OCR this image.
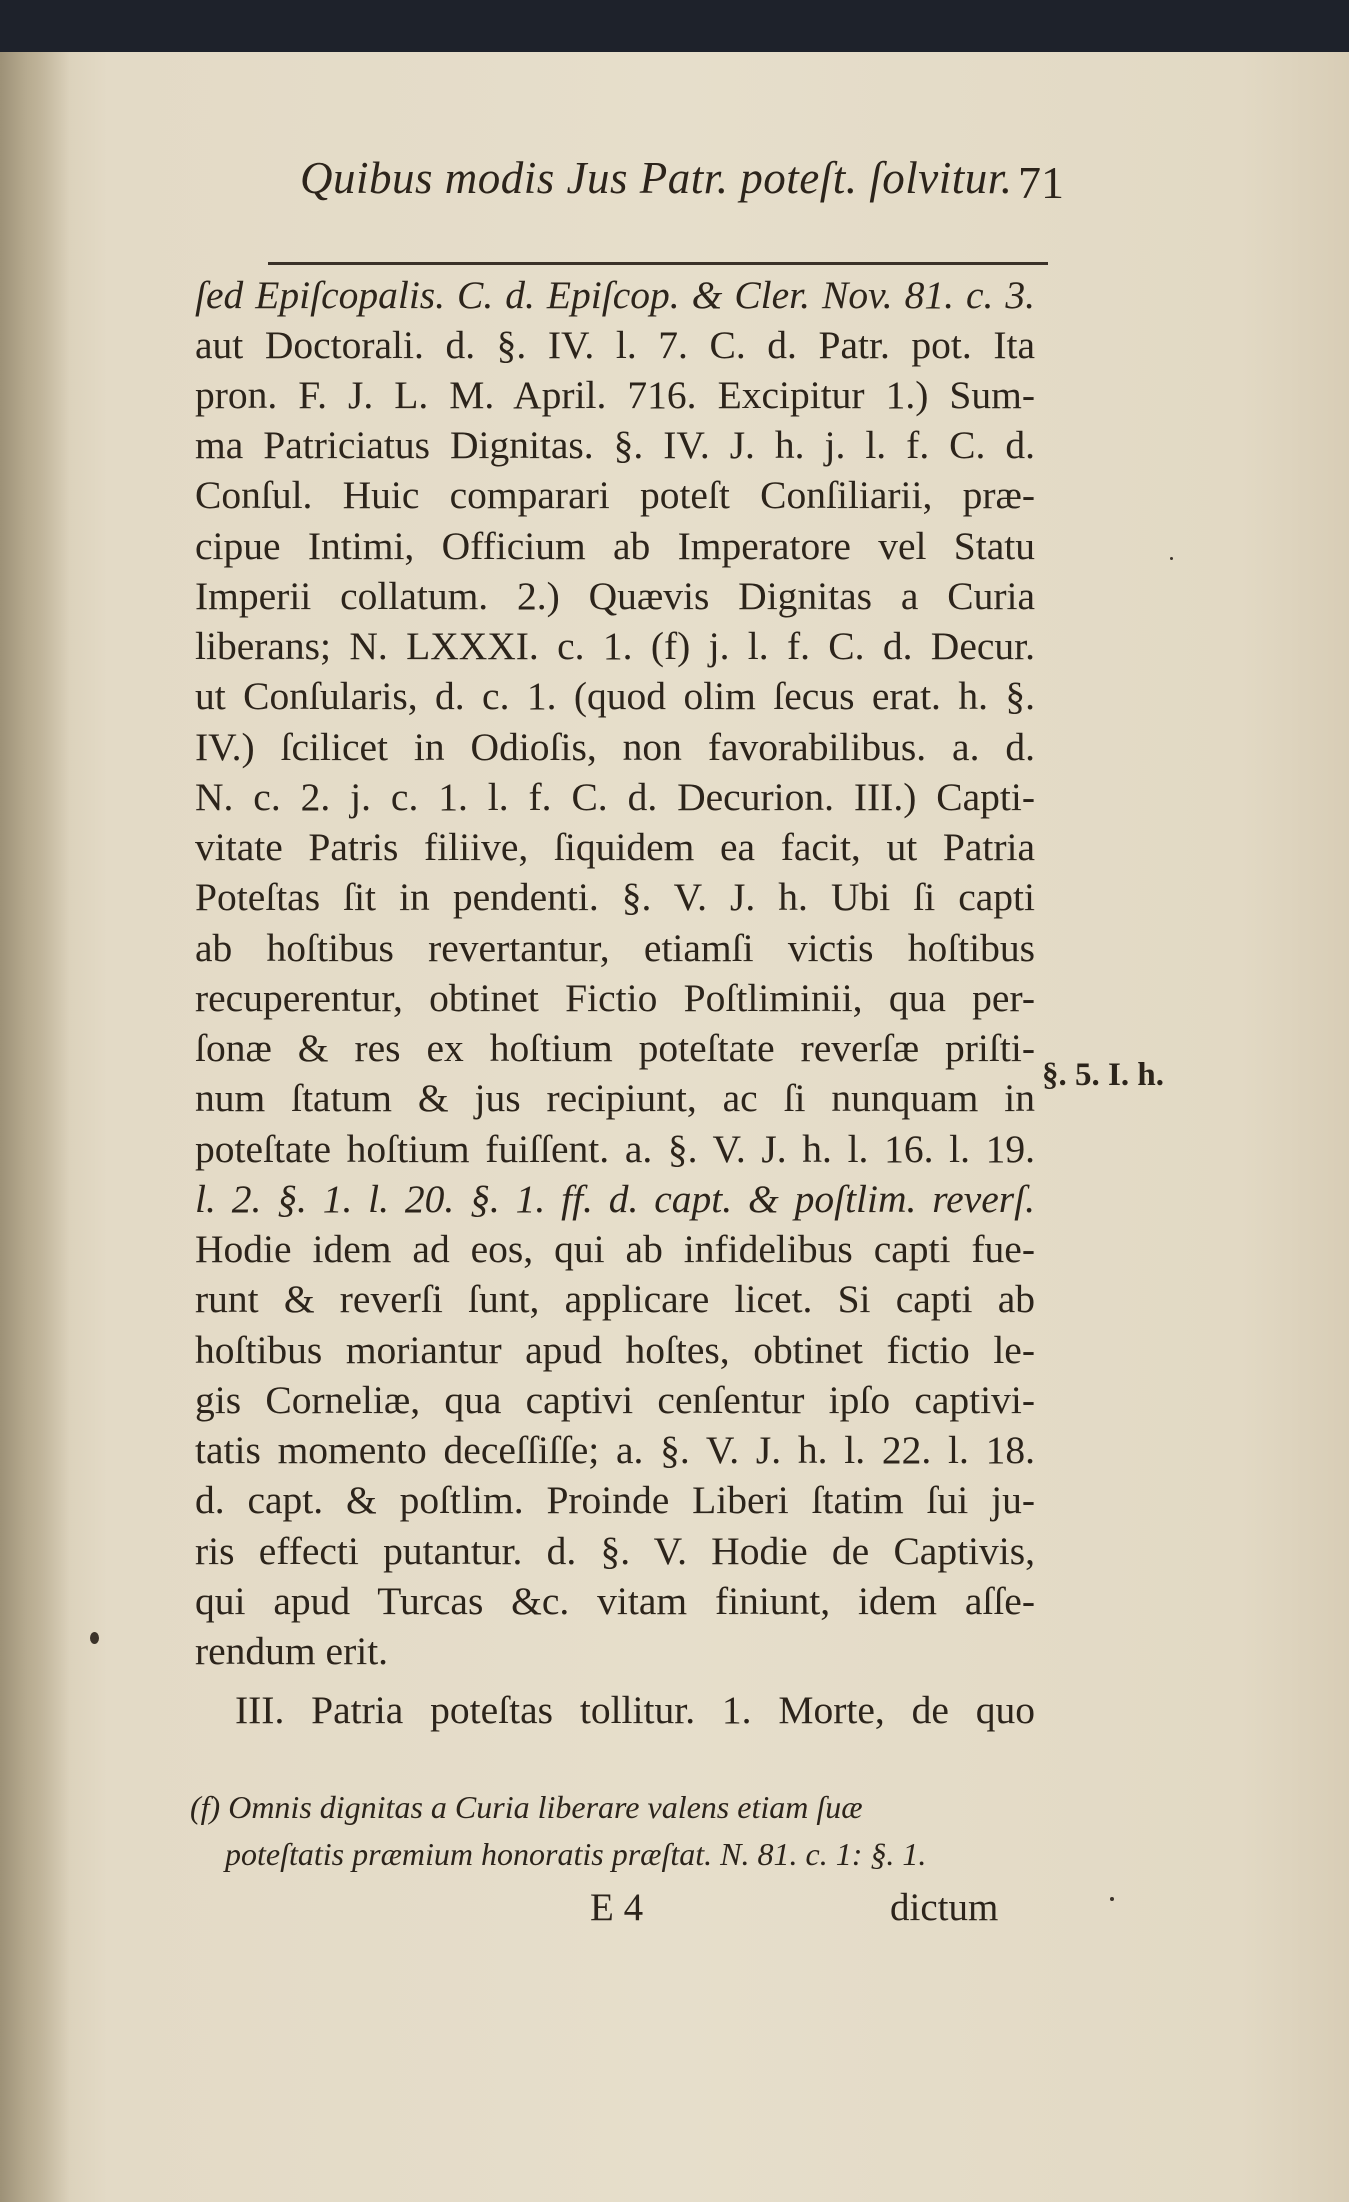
Quibus modis Jus Patr. poteſt. ſolvitur. 71
ſed Epiſcopalis. C. d. Epiſcop. & Cler. Nov. 81. c. 3.
aut Doctorali. d. §. IV. l. 7. C. d. Patr. pot. Ita
pron. F. J. L. M. April. 716. Excipitur 1.) Sum-
ma Patriciatus Dignitas. §. IV. J. h. j. l. f. C. d.
Conſul. Huic comparari poteſt Conſiliarii, præ-
cipue Intimi, Officium ab Imperatore vel Statu
Imperii collatum. 2.) Quævis Dignitas a Curia
liberans; N. LXXXI. c. 1. (f) j. l. f. C. d. Decur.
ut Conſularis, d. c. 1. (quod olim ſecus erat. h. §.
IV.) ſcilicet in Odioſis, non favorabilibus. a. d.
N. c. 2. j. c. 1. l. f. C. d. Decurion. III.) Capti-
vitate Patris filiive, ſiquidem ea facit, ut Patria
Poteſtas ſit in pendenti. §. V. J. h. Ubi ſi capti
ab hoſtibus revertantur, etiamſi victis hoſtibus
recuperentur, obtinet Fictio Poſtliminii, qua per-
ſonæ & res ex hoſtium poteſtate reverſæ priſti-
num ſtatum & jus recipiunt, ac ſi nunquam in
poteſtate hoſtium fuiſſent. a. §. V. J. h. l. 16. l. 19.
l. 2. §. 1. l. 20. §. 1. ff. d. capt. & poſtlim. reverſ.
Hodie idem ad eos, qui ab infidelibus capti fue-
runt & reverſi ſunt, applicare licet. Si capti ab
hoſtibus moriantur apud hoſtes, obtinet fictio le-
gis Corneliæ, qua captivi cenſentur ipſo captivi-
tatis momento deceſſiſſe; a. §. V. J. h. l. 22. l. 18.
d. capt. & poſtlim. Proinde Liberi ſtatim ſui ju-
ris effecti putantur. d. §. V. Hodie de Captivis,
qui apud Turcas &c. vitam finiunt, idem aſſe-
rendum erit.
III. Patria poteſtas tollitur. 1. Morte, de quo
§. 5. I. h.
(f) Omnis dignitas a Curia liberare valens etiam ſuæ
poteſtatis præmium honoratis præſtat. N. 81. c. 1: §. 1.
E 4	dictum
